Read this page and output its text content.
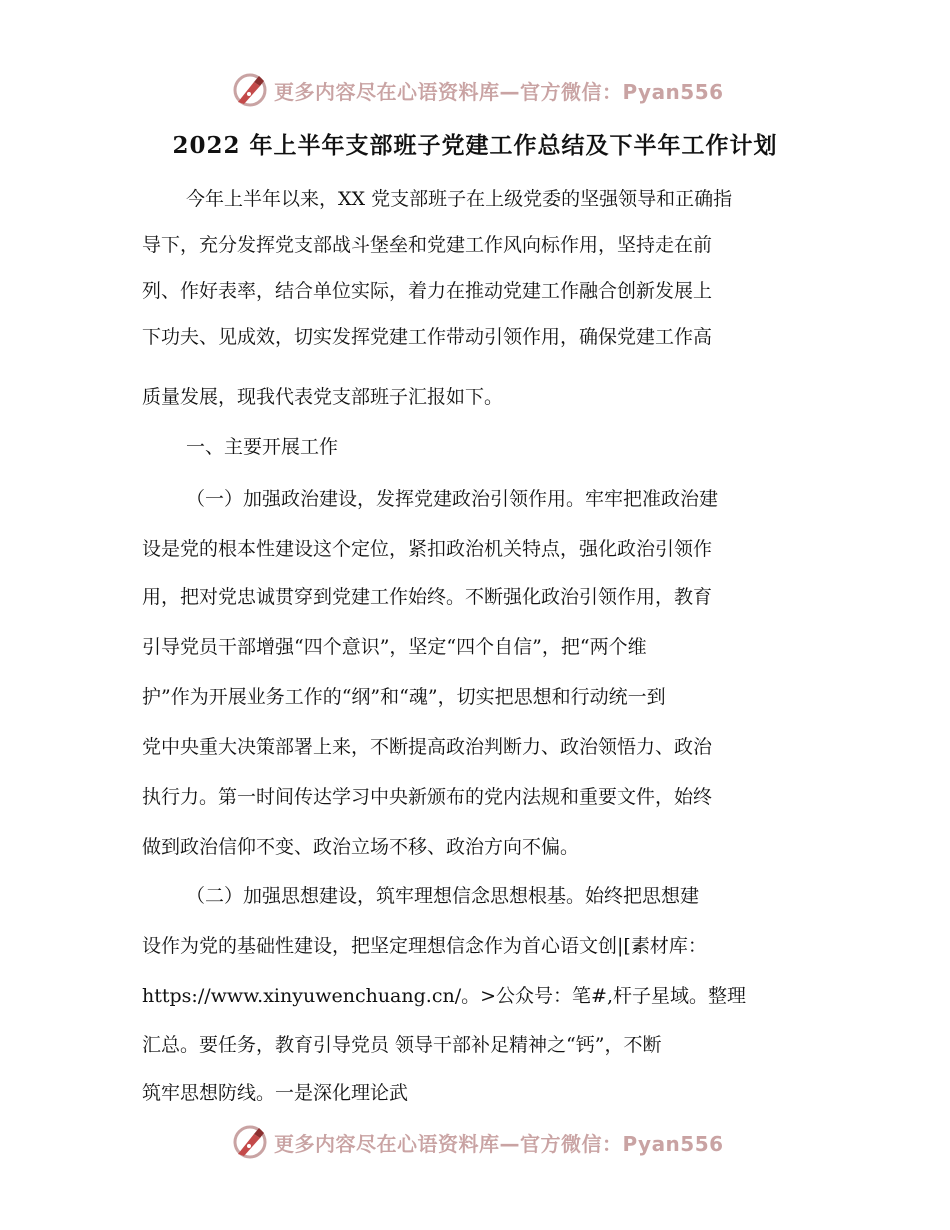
更多内容尽在心语资料库—官方微信：Pyan556
2022 年上半年支部班子党建工作总结及下半年工作计划
今年上半年以来，XX 党支部班子在上级党委的坚强领导和正确指
导下，充分发挥党支部战斗堡垒和党建工作风向标作用，坚持走在前
列、作好表率，结合单位实际，着力在推动党建工作融合创新发展上
下功夫、见成效，切实发挥党建工作带动引领作用，确保党建工作高
质量发展，现我代表党支部班子汇报如下。
一、主要开展工作
（一）加强政治建设，发挥党建政治引领作用。牢牢把准政治建
设是党的根本性建设这个定位，紧扣政治机关特点，强化政治引领作
用，把对党忠诚贯穿到党建工作始终。不断强化政治引领作用，教育
引导党员干部增强“四个意识”，坚定“四个自信”，把“两个维
护”作为开展业务工作的“纲”和“魂”，切实把思想和行动统一到
党中央重大决策部署上来，不断提高政治判断力、政治领悟力、政治
执行力。第一时间传达学习中央新颁布的党内法规和重要文件，始终
做到政治信仰不变、政治立场不移、政治方向不偏。
（二）加强思想建设，筑牢理想信念思想根基。始终把思想建
设作为党的基础性建设，把坚定理想信念作为首心语文创|[素材库：
https://www.xinyuwenchuang.cn/。>公众号：笔#,杆子星域。整理
汇总。要任务，教育引导党员 领导干部补足精神之“钙”，不断
筑牢思想防线。一是深化理论武
更多内容尽在心语资料库—官方微信：Pyan556
